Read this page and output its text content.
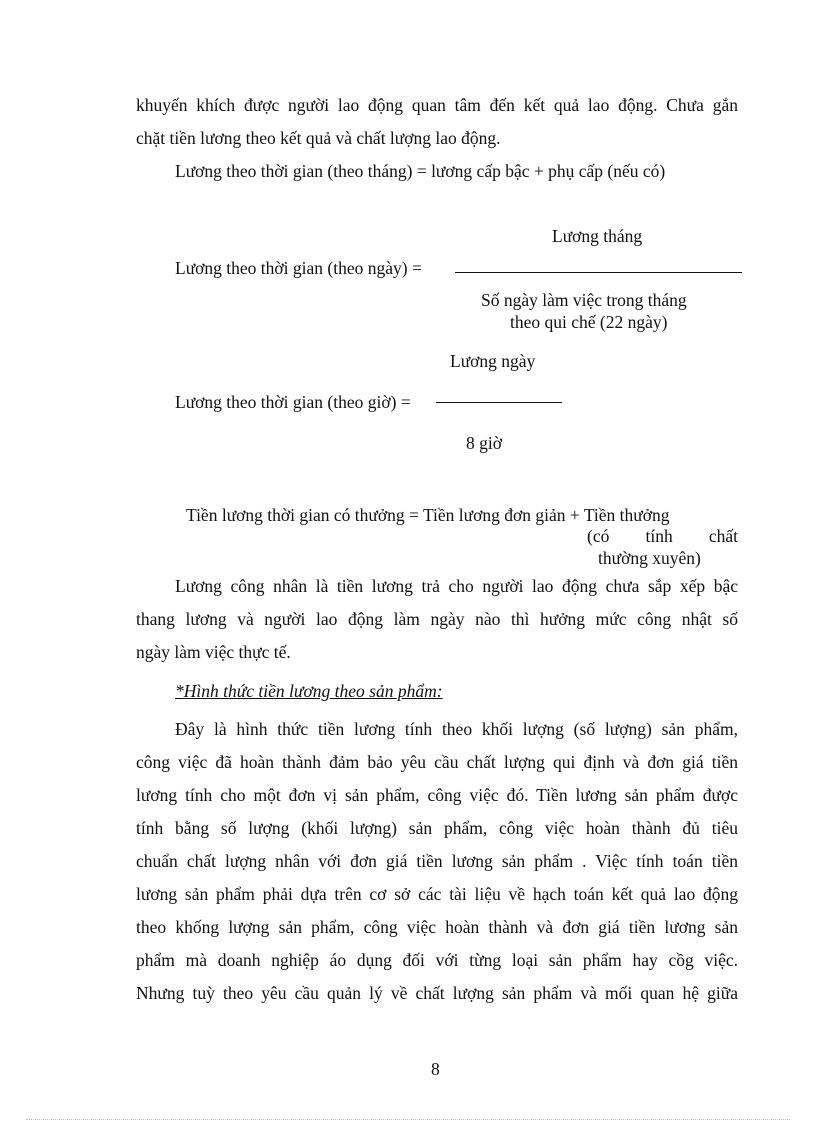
khuyến khích được người lao động quan tâm đến kết quả lao động. Chưa gắn
chặt tiền lương theo kết quả và chất lượng lao động.
Lương theo thời gian (theo tháng) = lương cấp bậc + phụ cấp (nếu có)
Lương tháng
Lương theo thời gian (theo ngày) =
Số ngày làm việc trong tháng
theo qui chế (22 ngày)
Lương ngày
Lương theo thời gian (theo giờ) =
8 giờ
Tiền lương thời gian có thưởng = Tiền lương đơn giản + Tiền thưởng
(có tính chất
thường xuyên)
Lương công nhân là tiền lương trả cho người lao động chưa sắp xếp bậc
thang lương và người lao động làm ngày nào thì hưởng mức công nhật số
ngày làm việc thực tế.
*Hình thức tiền lương theo sản phẩm:
Đây là hình thức tiền lương tính theo khối lượng (số lượng) sản phẩm,
công việc đã hoàn thành đảm bảo yêu cầu chất lượng qui định và đơn giá tiền
lương tính cho một đơn vị sản phẩm, công việc đó. Tiền lương sản phẩm được
tính bằng số lượng (khối lượng) sản phẩm, công việc hoàn thành đủ tiêu
chuẩn chất lượng nhân với đơn giá tiền lương sản phẩm . Việc tính toán tiền
lương sản phẩm phải dựa trên cơ sở các tài liệu về hạch toán kết quả lao động
theo khống lượng sản phẩm, công việc hoàn thành và đơn giá tiền lương sản
phẩm mà doanh nghiệp áo dụng đối với từng loại sản phẩm hay cồg việc.
Nhưng tuỳ theo yêu cầu quản lý về chất lượng sản phẩm và mối quan hệ giữa
8
